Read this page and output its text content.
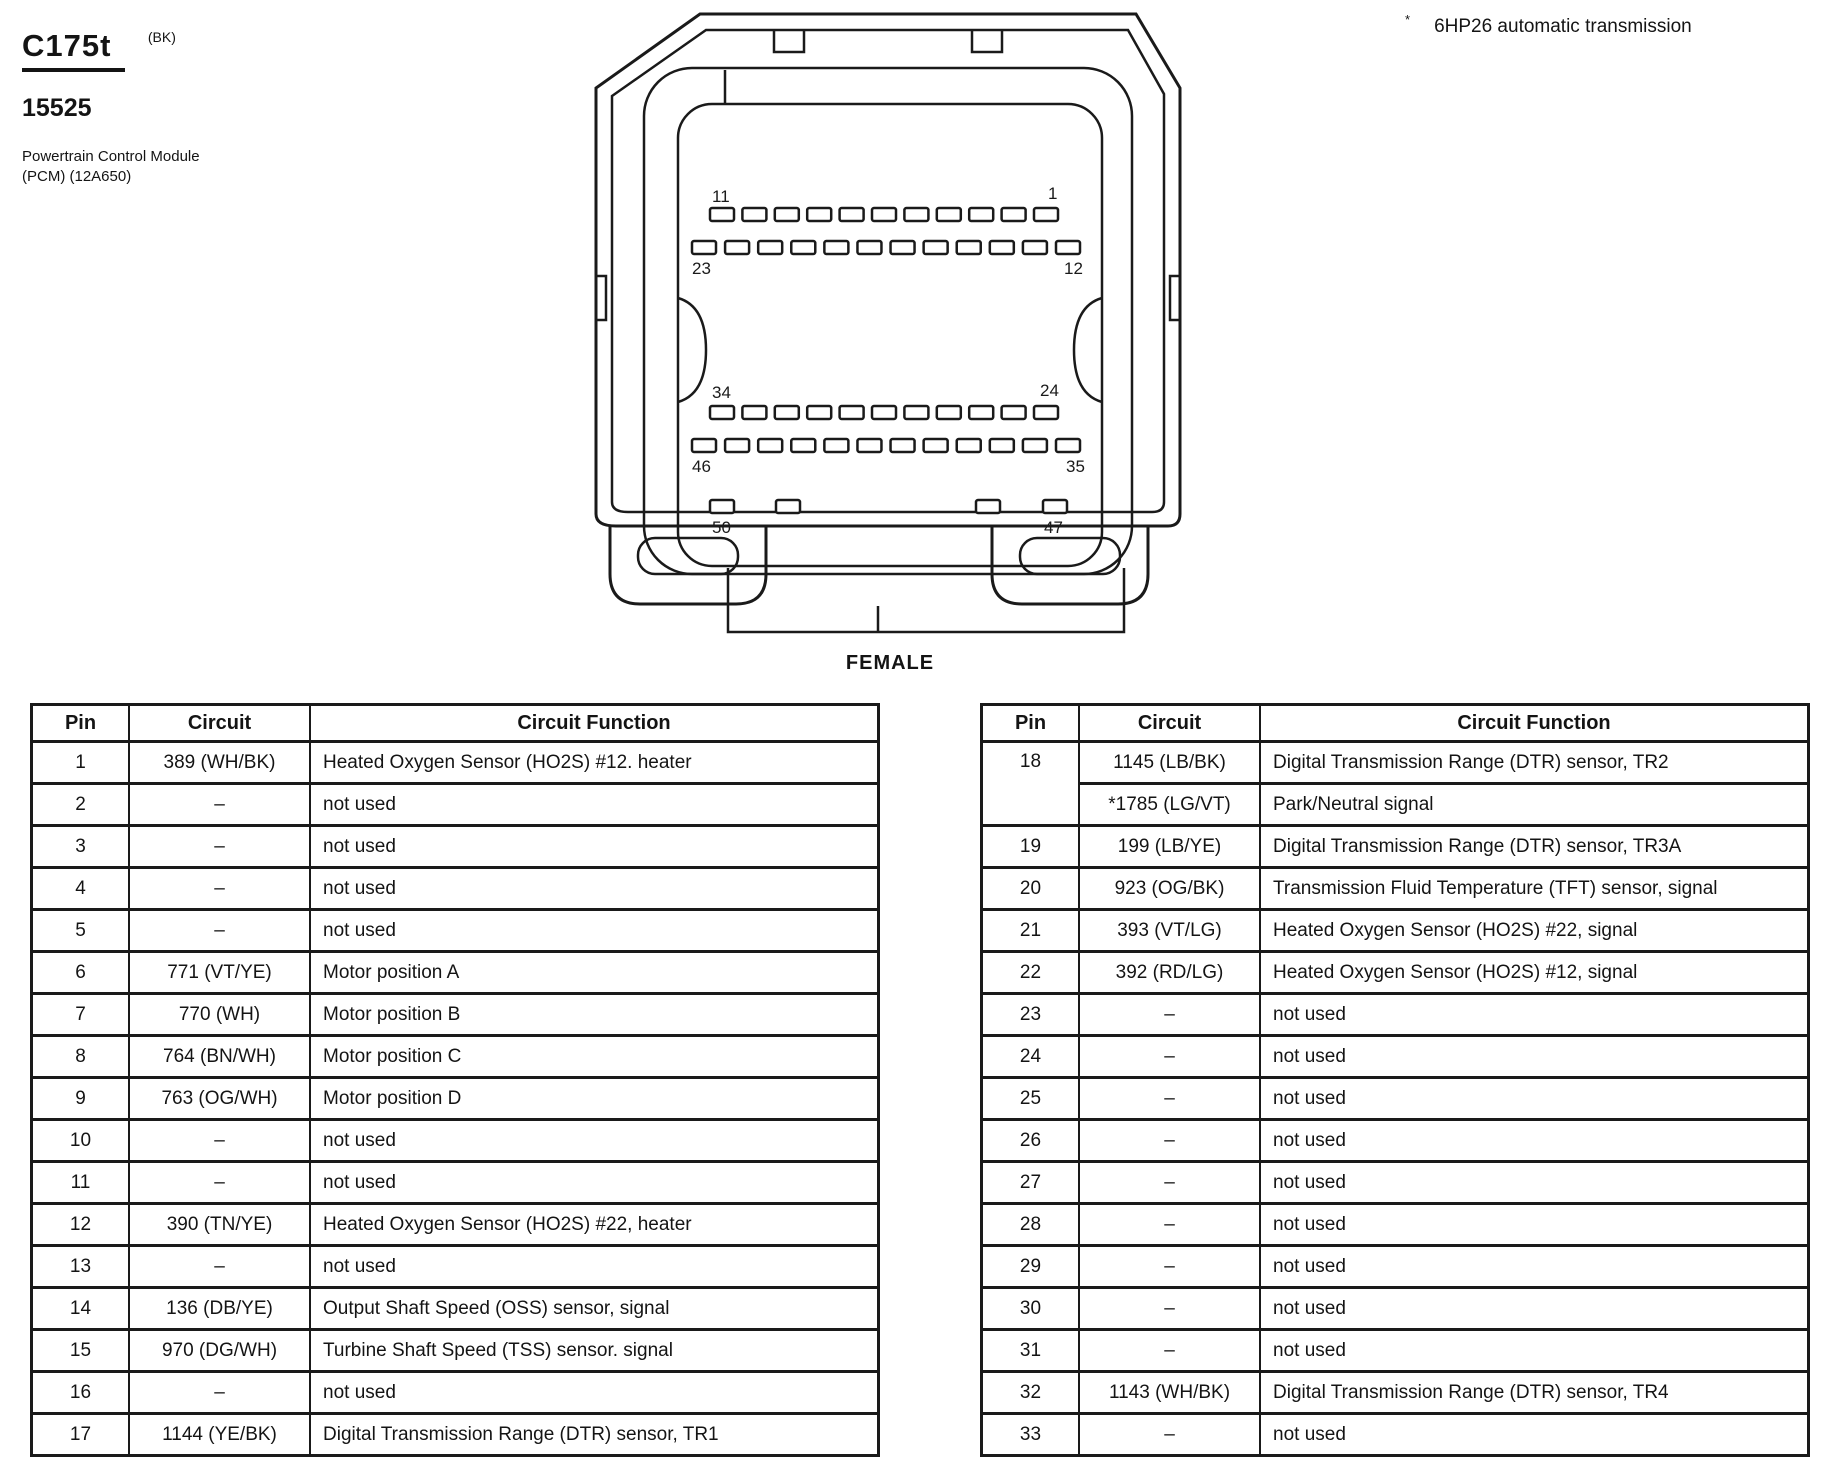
C175t	(BK)
15525
Powertrain Control Module
(PCM) (12A650)
* 6HP26 automatic transmission
11	1
23	12
34	24
46	35
50	47
FEMALE
Pin	Circuit	Circuit Function
1	389 (WH/BK)	Heated Oxygen Sensor (HO2S) #12. heater
2	–	not used
3	–	not used
4	–	not used
5	–	not used
6	771 (VT/YE)	Motor position A
7	770 (WH)	Motor position B
8	764 (BN/WH)	Motor position C
9	763 (OG/WH)	Motor position D
10	–	not used
11	–	not used
12	390 (TN/YE)	Heated Oxygen Sensor (HO2S) #22, heater
13	–	not used
14	136 (DB/YE)	Output Shaft Speed (OSS) sensor, signal
15	970 (DG/WH)	Turbine Shaft Speed (TSS) sensor. signal
16	–	not used
17	1144 (YE/BK)	Digital Transmission Range (DTR) sensor, TR1
Pin	Circuit	Circuit Function
18	1145 (LB/BK)	Digital Transmission Range (DTR) sensor, TR2
	*1785 (LG/VT)	Park/Neutral signal
19	199 (LB/YE)	Digital Transmission Range (DTR) sensor, TR3A
20	923 (OG/BK)	Transmission Fluid Temperature (TFT) sensor, signal
21	393 (VT/LG)	Heated Oxygen Sensor (HO2S) #22, signal
22	392 (RD/LG)	Heated Oxygen Sensor (HO2S) #12, signal
23	–	not used
24	–	not used
25	–	not used
26	–	not used
27	–	not used
28	–	not used
29	–	not used
30	–	not used
31	–	not used
32	1143 (WH/BK)	Digital Transmission Range (DTR) sensor, TR4
33	–	not used
